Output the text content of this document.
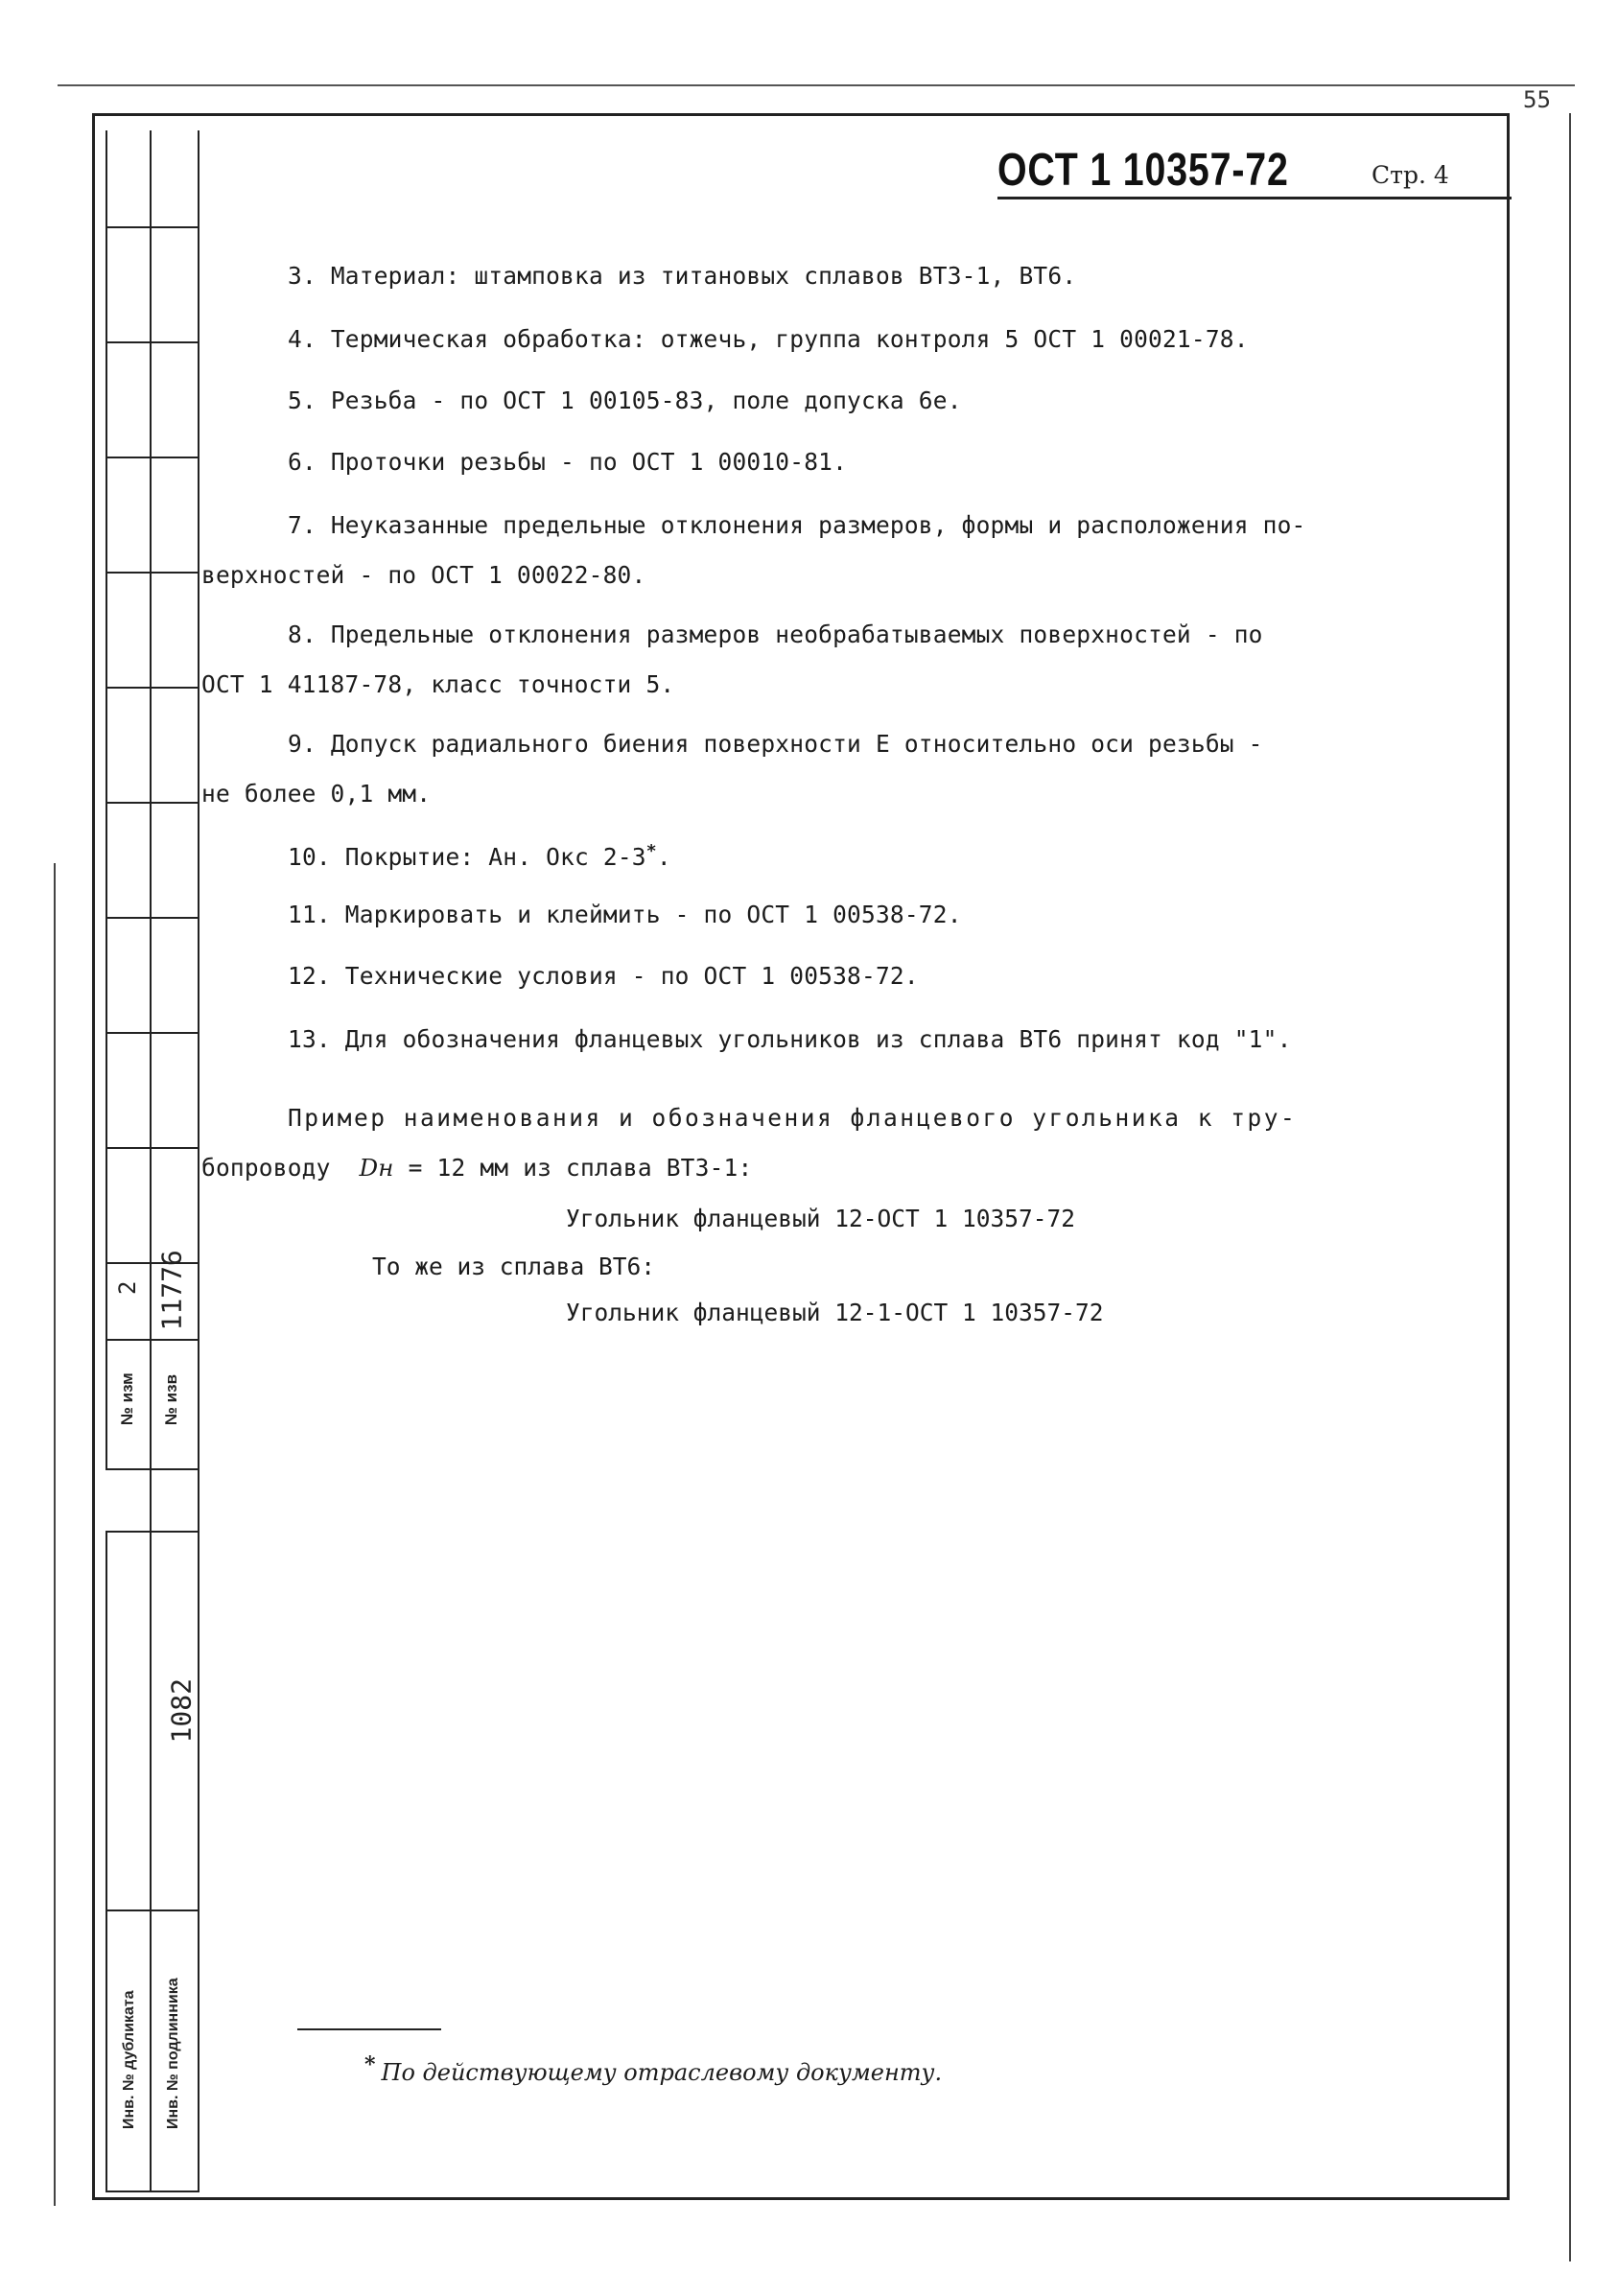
55
№ изм
2
№ изв
11776
1082
Инв. № дубликата Инв. № подлинника
ОСТ 1 10357-72	Стр. 4
3. Материал: штамповка из титановых сплавов ВТЗ-1, ВТ6.
4. Термическая обработка: отжечь, группа контроля 5 ОСТ 1 00021-78.
5. Резьба - по ОСТ 1 00105-83, поле допуска 6е.
6. Проточки резьбы - по ОСТ 1 00010-81.
7. Неуказанные предельные отклонения размеров, формы и расположения по-
верхностей - по ОСТ 1 00022-80.
8. Предельные отклонения размеров необрабатываемых поверхностей - по
ОСТ 1 41187-78, класс точности 5.
9. Допуск радиального биения поверхности Е относительно оси резьбы -
не более 0,1 мм.
10. Покрытие: Ан. Окс 2-3*.
11. Маркировать и клеймить - по ОСТ 1 00538-72.
12. Технические условия - по ОСТ 1 00538-72.
13. Для обозначения фланцевых угольников из сплава ВТ6 принят код "1".
Пример наименования и обозначения фланцевого угольника к тру-
бопроводу Dн = 12 мм из сплава ВТЗ-1:
Угольник фланцевый 12-ОСТ 1 10357-72
То же из сплава ВТ6:
Угольник фланцевый 12-1-ОСТ 1 10357-72
* По действующему отраслевому документу.
